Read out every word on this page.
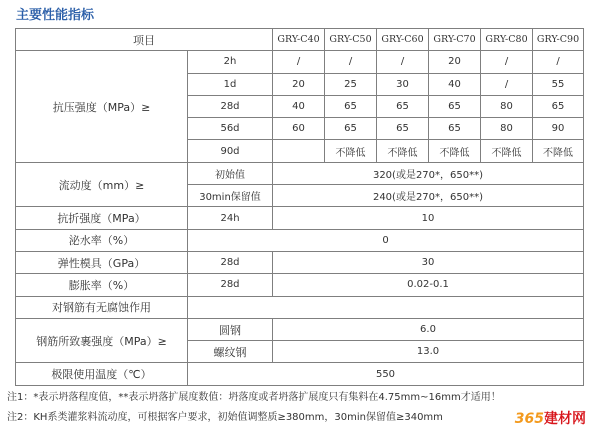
主要性能指标
项目		GRY-C40	GRY-C50	GRY-C60	GRY-C70	GRY-C80	GRY-C90
抗压强度（MPa）≥	2h	/	/	/	20	/	/
	1d	20	25	30	40	/	55
	28d	40	65	65	65	80	65
	56d	60	65	65	65	80	90
	90d		不降低	不降低	不降低	不降低	不降低
流动度（mm）≥	初始值	320(或是270*，650**)					
	30min保留值	240(或是270*，650**)					
抗折强度（MPa）	24h	10					
泌水率（%）	0						
弹性模具（GPa）	28d	30					
膨胀率（%）	28d	0.02-0.1					
对钢筋有无腐蚀作用							
钢筋所致裹强度（MPa）≥	圆钢	6.0					
	螺纹钢	13.0					
极限使用温度（℃）	550						
注1：*表示坍落程度值，**表示坍落扩展度数值：坍落度或者坍落扩展度只有集料在4.75mm~16mm才适用！
注2：KH系类灌浆料流动度，可根据客户要求，初始值调整质≥380mm，30min保留值≥340mm	365建材网
